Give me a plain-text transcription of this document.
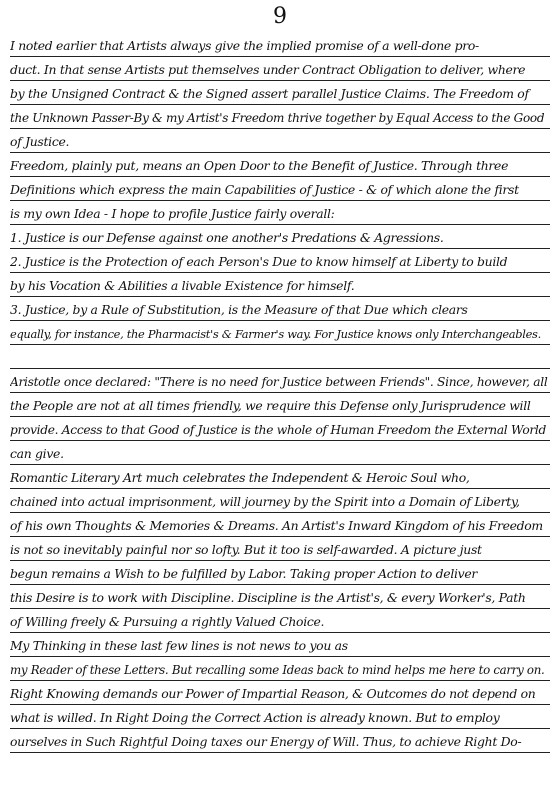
9
I noted earlier that Artists always give the implied promise of a well-done pro-
duct. In that sense Artists put themselves under Contract Obligation to deliver, where
by the Unsigned Contract & the Signed assert parallel Justice Claims. The Freedom of
the Unknown Passer-By & my Artist's Freedom thrive together by Equal Access to the Good
of Justice.
Freedom, plainly put, means an Open Door to the Benefit of Justice. Through three
Definitions which express the main Capabilities of Justice - & of which alone the first
is my own Idea - I hope to profile Justice fairly overall:
1. Justice is our Defense against one another's Predations & Agressions.
2. Justice is the Protection of each Person's Due to know himself at Liberty to build
by his Vocation & Abilities a livable Existence for himself.
3. Justice, by a Rule of Substitution, is the Measure of that Due which clears
equally, for instance, the Pharmacist's & Farmer's way. For Justice knows only Interchangeables.
Aristotle once declared: "There is no need for Justice between Friends". Since, however, all
the People are not at all times friendly, we require this Defense only Jurisprudence will
provide. Access to that Good of Justice is the whole of Human Freedom the External World
can give.
Romantic Literary Art much celebrates the Independent & Heroic Soul who,
chained into actual imprisonment, will journey by the Spirit into a Domain of Liberty,
of his own Thoughts & Memories & Dreams. An Artist's Inward Kingdom of his Freedom
is not so inevitably painful nor so lofty. But it too is self-awarded. A picture just
begun remains a Wish to be fulfilled by Labor. Taking proper Action to deliver
this Desire is to work with Discipline. Discipline is the Artist's, & every Worker's, Path
of Willing freely & Pursuing a rightly Valued Choice.
My Thinking in these last few lines is not news to you as
my Reader of these Letters. But recalling some Ideas back to mind helps me here to carry on.
Right Knowing demands our Power of Impartial Reason, & Outcomes do not depend on
what is willed. In Right Doing the Correct Action is already known. But to employ
ourselves in Such Rightful Doing taxes our Energy of Will. Thus, to achieve Right Do-
